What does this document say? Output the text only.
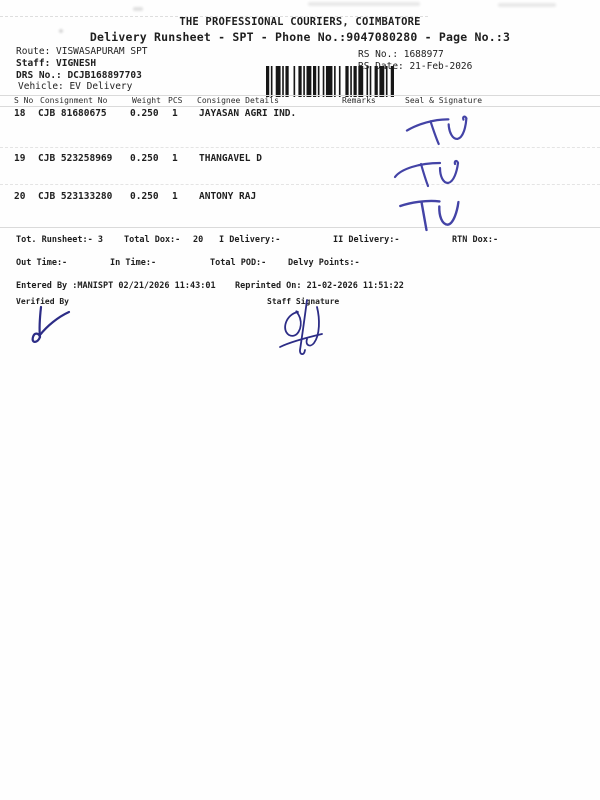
THE PROFESSIONAL COURIERS, COIMBATORE
Delivery Runsheet - SPT - Phone No.:9047080280 - Page No.:3
Route: VISWASAPURAM SPT
Staff: VIGNESH
DRS No.: DCJB168897703
Vehicle: EV Delivery

RS No.: 1688977
RS Date: 21-Feb-2026
S No Consignment No	Weight PCS Consignee Details	Remarks	Seal & Signature
18 CJB 81680675 0.250 1 JAYASAN AGRI IND.
19 CJB 523258969 0.250 1 THANGAVEL D
20 CJB 523133280 0.250 1 ANTONY RAJ
Tot. Runsheet:- 3 Total Dox:- 20 I Delivery:-	II Delivery:-	RTN Dox:-
Out Time:-	In Time:-	Total POD:-	Delvy Points:-
Entered By :MANISPT 02/21/2026 11:43:01 Reprinted On: 21-02-2026 11:51:22
Verified By	Staff Signature
